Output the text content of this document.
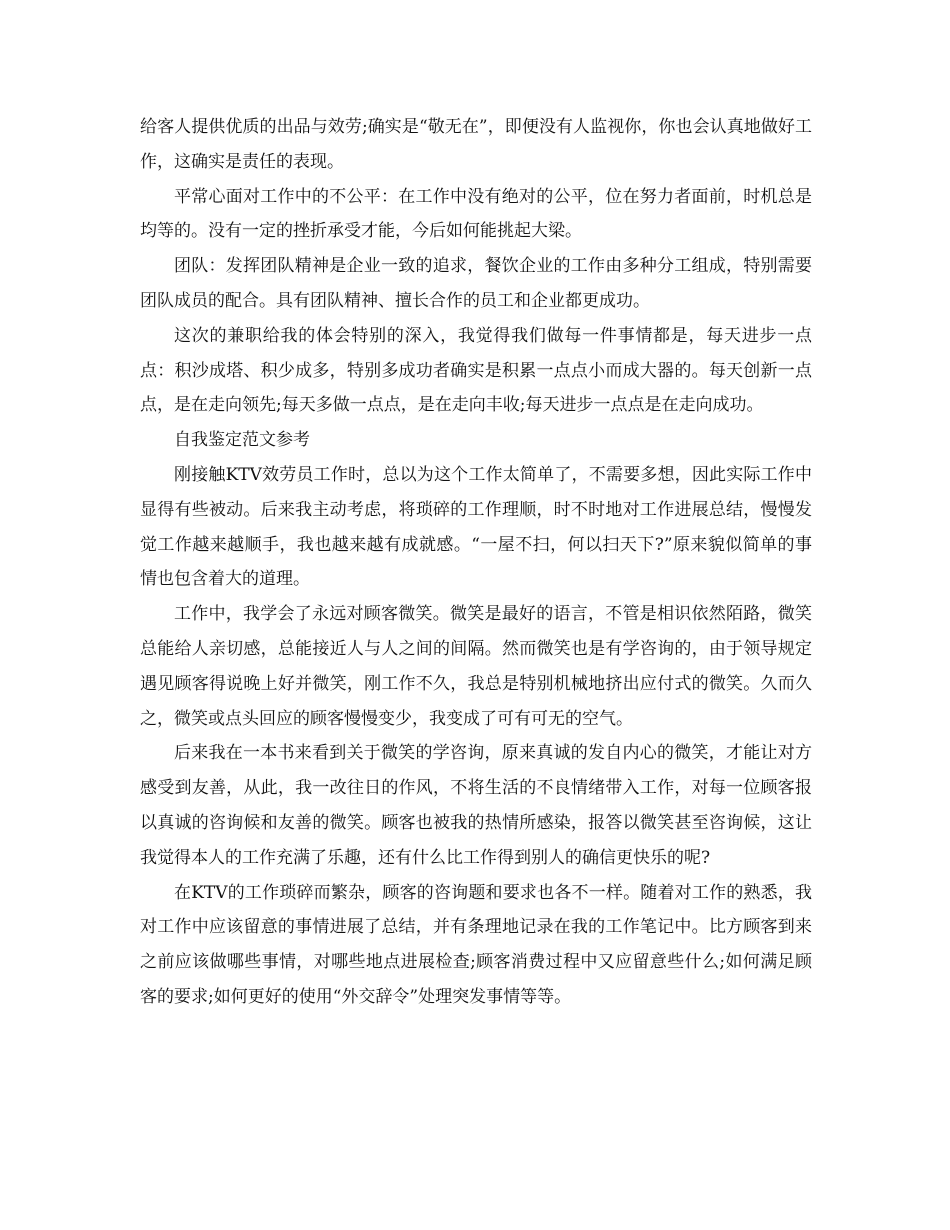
给客人提供优质的出品与效劳;确实是“敬无在”，即便没有人监视你，你也会认真地做好工作，这确实是责任的表现。

平常心面对工作中的不公平：在工作中没有绝对的公平，位在努力者面前，时机总是均等的。没有一定的挫折承受才能，今后如何能挑起大梁。

团队：发挥团队精神是企业一致的追求，餐饮企业的工作由多种分工组成，特别需要团队成员的配合。具有团队精神、擅长合作的员工和企业都更成功。

这次的兼职给我的体会特别的深入，我觉得我们做每一件事情都是，每天进步一点点：积沙成塔、积少成多，特别多成功者确实是积累一点点小而成大器的。每天创新一点点，是在走向领先;每天多做一点点，是在走向丰收;每天进步一点点是在走向成功。

自我鉴定范文参考

刚接触KTV效劳员工作时，总以为这个工作太简单了，不需要多想，因此实际工作中显得有些被动。后来我主动考虑，将琐碎的工作理顺，时不时地对工作进展总结，慢慢发觉工作越来越顺手，我也越来越有成就感。“一屋不扫，何以扫天下?”原来貌似简单的事情也包含着大的道理。

工作中，我学会了永远对顾客微笑。微笑是最好的语言，不管是相识依然陌路，微笑总能给人亲切感，总能接近人与人之间的间隔。然而微笑也是有学咨询的，由于领导规定遇见顾客得说晚上好并微笑，刚工作不久，我总是特别机械地挤出应付式的微笑。久而久之，微笑或点头回应的顾客慢慢变少，我变成了可有可无的空气。

后来我在一本书来看到关于微笑的学咨询，原来真诚的发自内心的微笑，才能让对方感受到友善，从此，我一改往日的作风，不将生活的不良情绪带入工作，对每一位顾客报以真诚的咨询候和友善的微笑。顾客也被我的热情所感染，报答以微笑甚至咨询候，这让我觉得本人的工作充满了乐趣，还有什么比工作得到别人的确信更快乐的呢?

在KTV的工作琐碎而繁杂，顾客的咨询题和要求也各不一样。随着对工作的熟悉，我对工作中应该留意的事情进展了总结，并有条理地记录在我的工作笔记中。比方顾客到来之前应该做哪些事情，对哪些地点进展检查;顾客消费过程中又应留意些什么;如何满足顾客的要求;如何更好的使用“外交辞令”处理突发事情等等。
